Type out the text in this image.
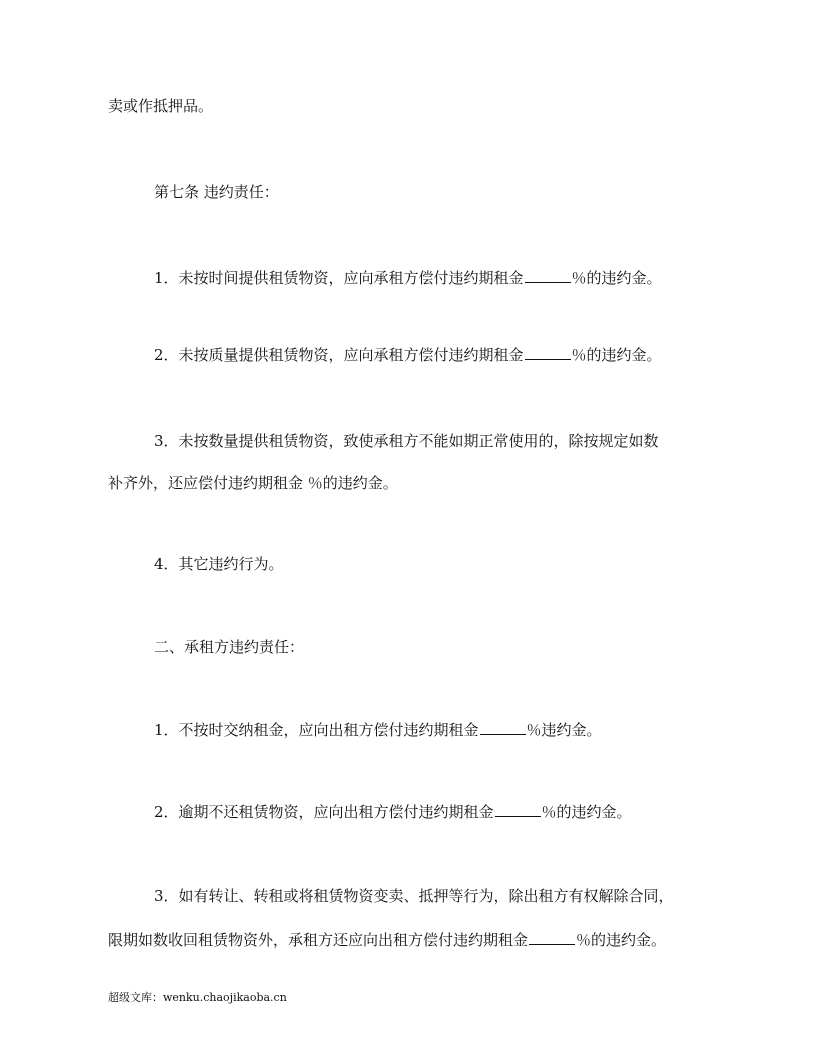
卖或作抵押品。
第七条 违约责任：
1．未按时间提供租赁物资，应向承租方偿付违约期租金	％的违约金。
2．未按质量提供租赁物资，应向承租方偿付违约期租金	％的违约金。
3．未按数量提供租赁物资，致使承租方不能如期正常使用的，除按规定如数
补齐外，还应偿付违约期租金 ％的违约金。
4．其它违约行为。
二、承租方违约责任：
1．不按时交纳租金，应向出租方偿付违约期租金	％违约金。
2．逾期不还租赁物资，应向出租方偿付违约期租金	％的违约金。
3．如有转让、转租或将租赁物资变卖、抵押等行为，除出租方有权解除合同，
限期如数收回租赁物资外，承租方还应向出租方偿付违约期租金	％的违约金。
超级文库：wenku.chaojikaoba.cn
